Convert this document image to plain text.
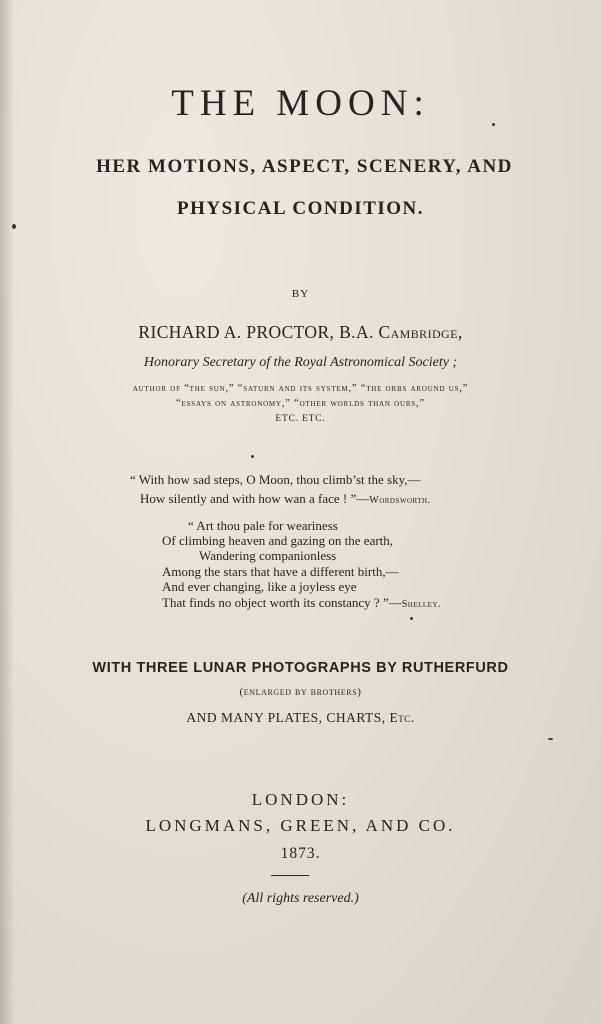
THE MOON:
HER MOTIONS, ASPECT, SCENERY, AND
PHYSICAL CONDITION.
BY
RICHARD A. PROCTOR, B.A. Cambridge,
Honorary Secretary of the Royal Astronomical Society ;
author of “the sun,” “saturn and its system,” “the orbs around us,”
“essays on astronomy,” “other worlds than ours,”
ETC. ETC.
“ With how sad steps, O Moon, thou climb’st the sky,—
How silently and with how wan a face ! ”—Wordsworth.
“ Art thou pale for weariness
Of climbing heaven and gazing on the earth,
Wandering companionless
Among the stars that have a different birth,—
And ever changing, like a joyless eye
That finds no object worth its constancy ? ”—Shelley.
WITH THREE LUNAR PHOTOGRAPHS BY RUTHERFURD
(enlarged by brothers)
AND MANY PLATES, CHARTS, Etc.
LONDON:
LONGMANS, GREEN, AND CO.
1873.
(All rights reserved.)
